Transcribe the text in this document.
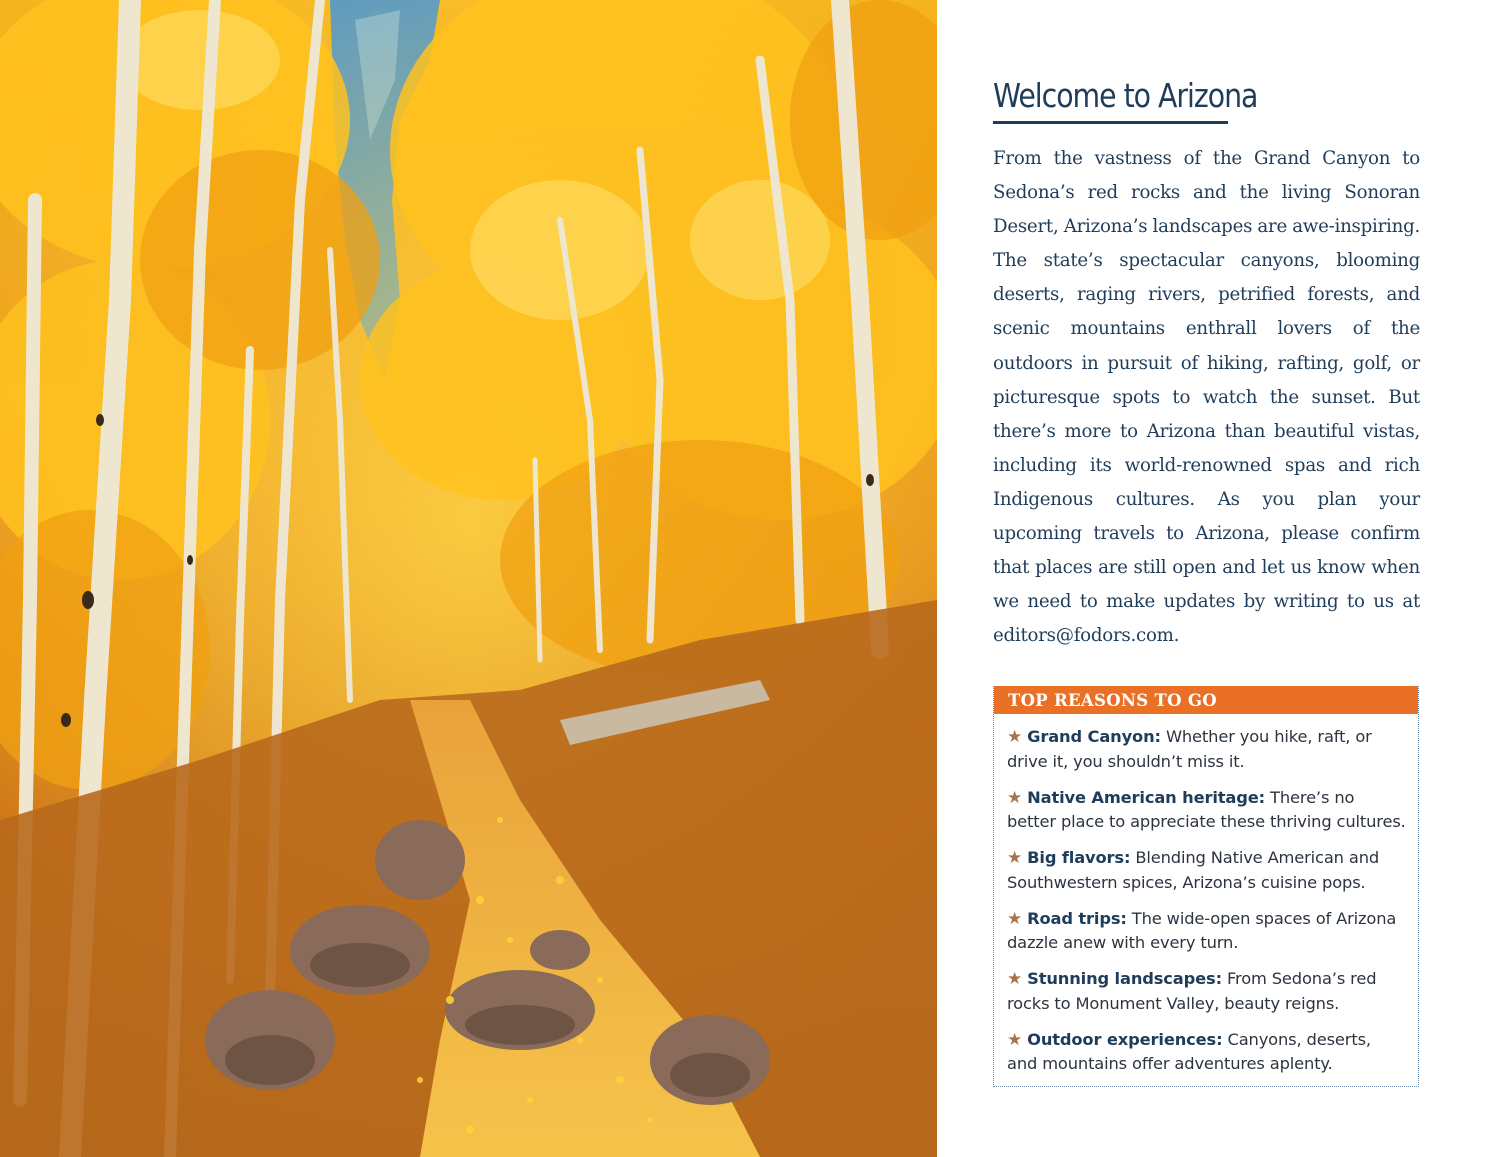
Welcome to Arizona

From the vastness of the Grand Canyon to Sedona’s red rocks and the living Sonoran Desert, Arizona’s landscapes are awe-inspiring. The state’s spectacular canyons, blooming deserts, raging rivers, petrified forests, and scenic mountains enthrall lovers of the outdoors in pursuit of hiking, rafting, golf, or picturesque spots to watch the sunset. But there’s more to Arizona than beautiful vistas, including its world-renowned spas and rich Indigenous cultures. As you plan your upcoming travels to Arizona, please confirm that places are still open and let us know when we need to make updates by writing to us at editors@fodors.com.

TOP REASONS TO GO
★ Grand Canyon: Whether you hike, raft, or drive it, you shouldn’t miss it.
★ Native American heritage: There’s no better place to appreciate these thriving cultures.
★ Big flavors: Blending Native American and Southwestern spices, Arizona’s cuisine pops.
★ Road trips: The wide-open spaces of Arizona dazzle anew with every turn.
★ Stunning landscapes: From Sedona’s red rocks to Monument Valley, beauty reigns.
★ Outdoor experiences: Canyons, deserts, and mountains offer adventures aplenty.
